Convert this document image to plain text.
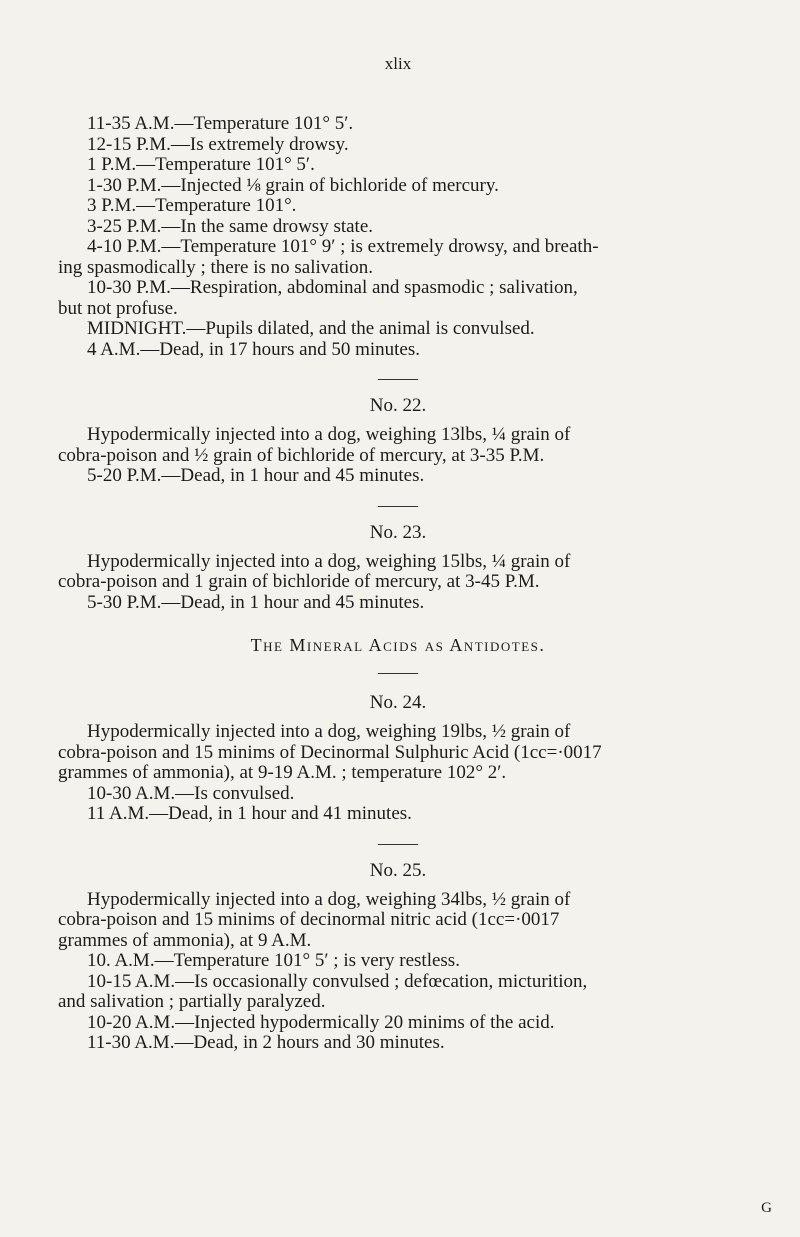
xlix

11-35 A.M.—Temperature 101° 5′.

12-15 P.M.—Is extremely drowsy.

1 P.M.—Temperature 101° 5′.

1-30 P.M.—Injected ⅛ grain of bichloride of mercury.

3 P.M.—Temperature 101°.

3-25 P.M.—In the same drowsy state.

4-10 P.M.—Temperature 101° 9′ ; is extremely drowsy, and breath-

ing spasmodically ; there is no salivation.

10-30 P.M.—Respiration, abdominal and spasmodic ; salivation,

but not profuse.

MIDNIGHT.—Pupils dilated, and the animal is convulsed.

4 A.M.—Dead, in 17 hours and 50 minutes.

No. 22.

Hypodermically injected into a dog, weighing 13lbs, ¼ grain of

cobra-poison and ½ grain of bichloride of mercury, at 3-35 P.M.

5-20 P.M.—Dead, in 1 hour and 45 minutes.

No. 23.

Hypodermically injected into a dog, weighing 15lbs, ¼ grain of

cobra-poison and 1 grain of bichloride of mercury, at 3-45 P.M.

5-30 P.M.—Dead, in 1 hour and 45 minutes.

The Mineral Acids as Antidotes.

No. 24.

Hypodermically injected into a dog, weighing 19lbs, ½ grain of

cobra-poison and 15 minims of Decinormal Sulphuric Acid (1cc=·0017

grammes of ammonia), at 9-19 A.M. ; temperature 102° 2′.

10-30 A.M.—Is convulsed.

11 A.M.—Dead, in 1 hour and 41 minutes.

No. 25.

Hypodermically injected into a dog, weighing 34lbs, ½ grain of

cobra-poison and 15 minims of decinormal nitric acid (1cc=·0017

grammes of ammonia), at 9 A.M.

10. A.M.—Temperature 101° 5′ ; is very restless.

10-15 A.M.—Is occasionally convulsed ; defœcation, micturition,

and salivation ; partially paralyzed.

10-20 A.M.—Injected hypodermically 20 minims of the acid.

11-30 A.M.—Dead, in 2 hours and 30 minutes.

G
